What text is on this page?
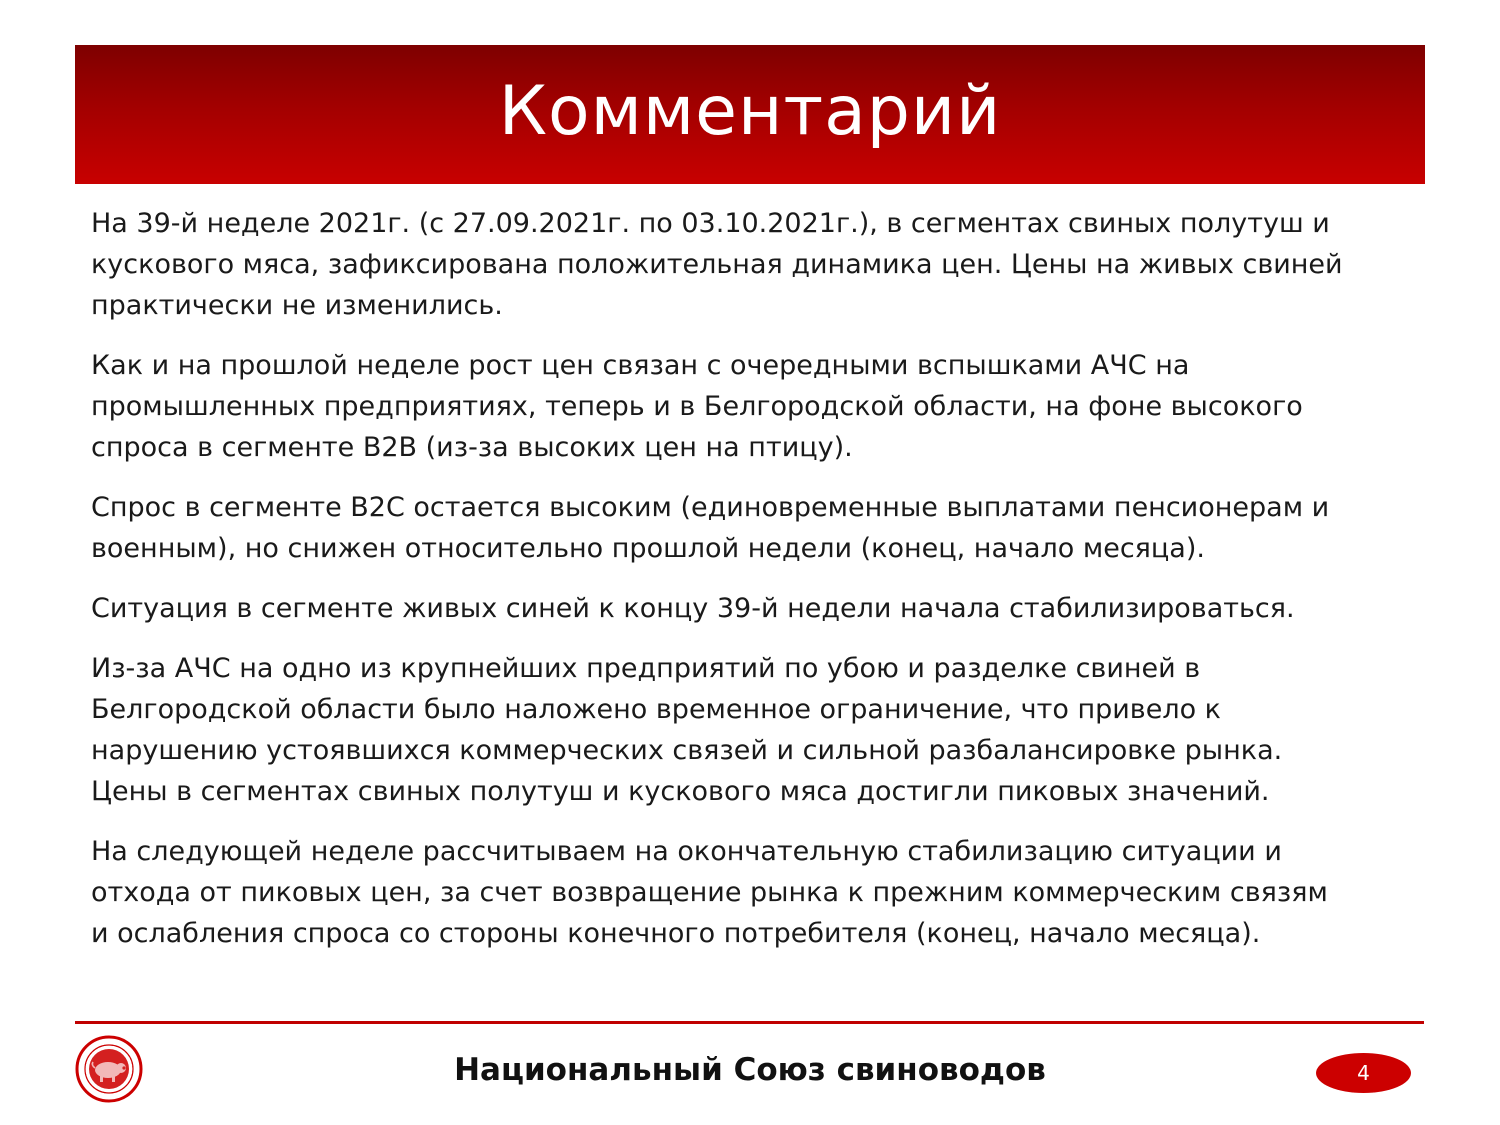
Комментарий

На 39-й неделе 2021г. (с 27.09.2021г. по 03.10.2021г.), в сегментах свиных полутуш и
кускового мяса, зафиксирована положительная динамика цен. Цены на живых свиней
практически не изменились.

Как и на прошлой неделе рост цен связан с очередными вспышками АЧС на
промышленных предприятиях, теперь и в Белгородской области, на фоне высокого
спроса в сегменте B2B (из-за высоких цен на птицу).

Спрос в сегменте B2C остается высоким (единовременные выплатами пенсионерам и
военным), но снижен относительно прошлой недели (конец, начало месяца).

Ситуация в сегменте живых синей к концу 39-й недели начала стабилизироваться.

Из-за АЧС на одно из крупнейших предприятий по убою и разделке свиней в
Белгородской области было наложено временное ограничение, что привело к
нарушению устоявшихся коммерческих связей и сильной разбалансировке рынка.
Цены в сегментах свиных полутуш и кускового мяса достигли пиковых значений.

На следующей неделе рассчитываем на окончательную стабилизацию ситуации и
отхода от пиковых цен, за счет возвращение рынка к прежним коммерческим связям
и ослабления спроса со стороны конечного потребителя (конец, начало месяца).

Национальный Союз свиноводов	4
